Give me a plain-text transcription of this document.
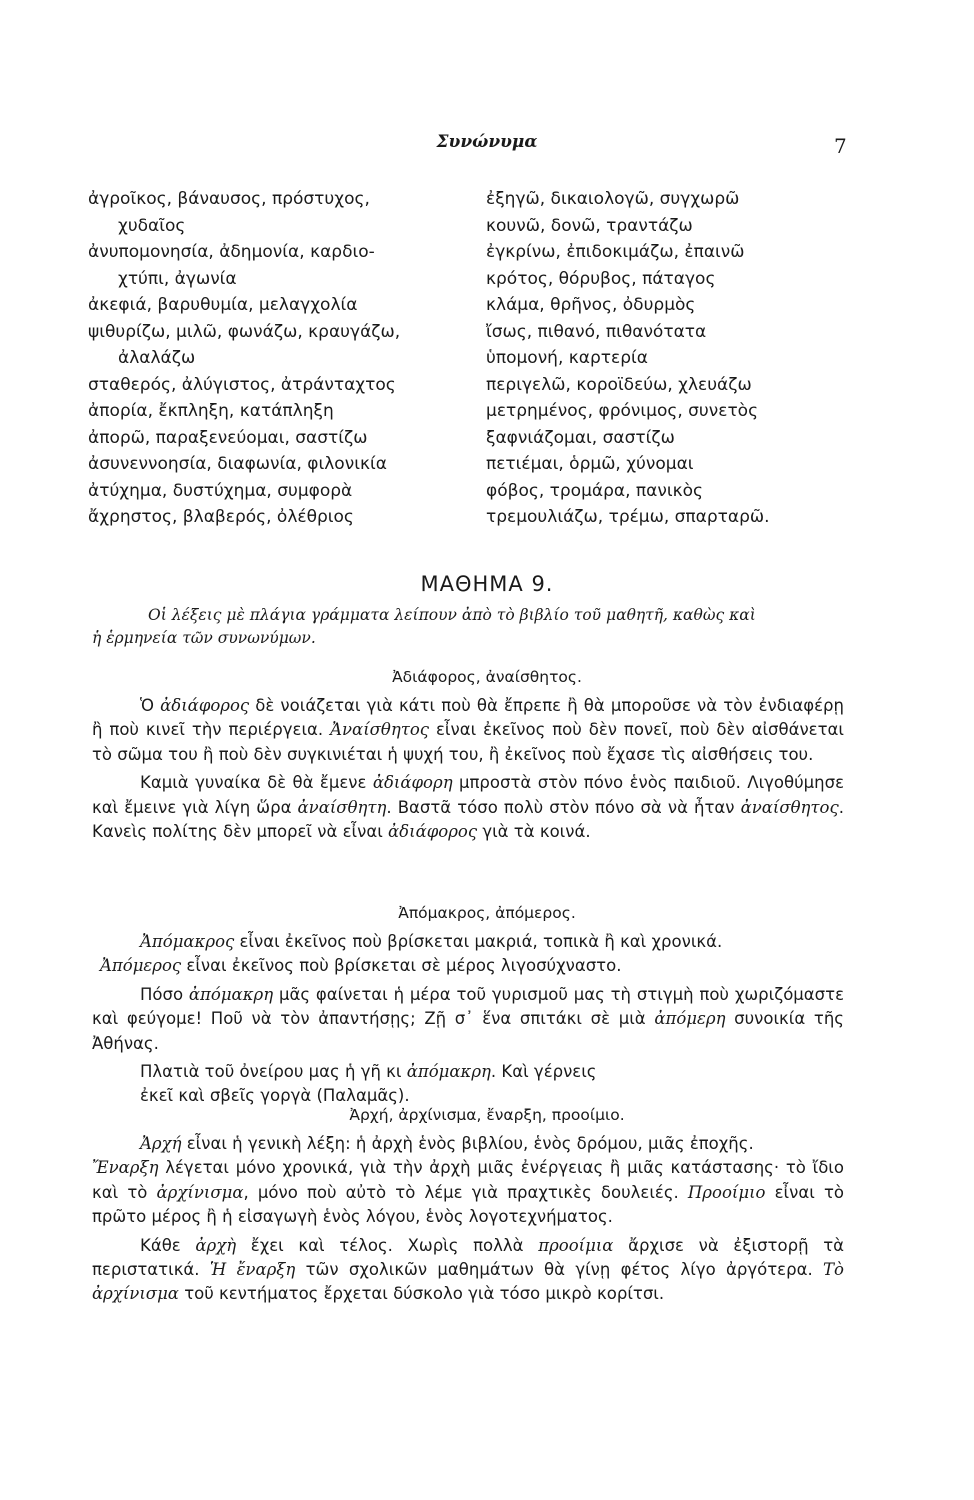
Συνώνυμα	7
ἀγροῖκος, βάναυσος, πρόστυχος,
χυδαῖος
ἀνυπομονησία, ἀδημονία, καρδιο-
χτύπι, ἀγωνία
ἀκεφιά, βαρυθυμία, μελαγχολία
ψιθυρίζω, μιλῶ, φωνάζω, κραυγάζω,
ἀλαλάζω
σταθερός, ἀλύγιστος, ἀτράνταχτος
ἀπορία, ἔκπληξη, κατάπληξη
ἀπορῶ, παραξενεύομαι, σαστίζω
ἀσυνεννοησία, διαφωνία, φιλονικία
ἀτύχημα, δυστύχημα, συμφορὰ
ἄχρηστος, βλαβερός, ὀλέθριος
ἐξηγῶ, δικαιολογῶ, συγχωρῶ
κουνῶ, δονῶ, τραντάζω
ἐγκρίνω, ἐπιδοκιμάζω, ἐπαινῶ
κρότος, θόρυβος, πάταγος
κλάμα, θρῆνος, ὀδυρμὸς
ἴσως, πιθανό, πιθανότατα
ὑπομονή, καρτερία
περιγελῶ, κοροϊδεύω, χλευάζω
μετρημένος, φρόνιμος, συνετὸς
ξαφνιάζομαι, σαστίζω
πετιέμαι, ὁρμῶ, χύνομαι
φόβος, τρομάρα, πανικὸς
τρεμουλιάζω, τρέμω, σπαρταρῶ.
ΜΑΘΗΜΑ 9.
Οἱ λέξεις μὲ πλάγια γράμματα λείπουν ἀπὸ τὸ βιβλίο τοῦ μαθητῆ, καθὼς καὶ
ἡ ἑρμηνεία τῶν συνωνύμων.
Ἀδιάφορος, ἀναίσθητος.

Ὁ ἀδιάφορος δὲ νοιάζεται γιὰ κάτι ποὺ θὰ ἔπρεπε ἢ θὰ μποροῦσε νὰ τὸν ἐνδιαφέρῃ ἢ ποὺ κινεῖ τὴν περιέργεια. Ἀναίσθητος εἶναι ἐκεῖνος ποὺ δὲν πονεῖ, ποὺ δὲν αἰσθάνεται τὸ σῶμα του ἢ ποὺ δὲν συγκινιέται ἡ ψυχή του, ἢ ἐκεῖνος ποὺ ἔχασε τὶς αἰσθήσεις του.

Καμιὰ γυναίκα δὲ θὰ ἔμενε ἀδιάφορη μπροστὰ στὸν πόνο ἑνὸς παιδιοῦ. Λιγοθύμησε καὶ ἔμεινε γιὰ λίγη ὥρα ἀναίσθητη. Βαστᾶ τόσο πολὺ στὸν πόνο σὰ νὰ ἦταν ἀναίσθητος. Κανεὶς πολίτης δὲν μπορεῖ νὰ εἶναι ἀδιάφορος γιὰ τὰ κοινά.

Ἀπόμακρος, ἀπόμερος.

Ἀπόμακρος εἶναι ἐκεῖνος ποὺ βρίσκεται μακριά, τοπικὰ ἢ καὶ χρονικά.

Ἀπόμερος εἶναι ἐκεῖνος ποὺ βρίσκεται σὲ μέρος λιγοσύχναστο.

Πόσο ἀπόμακρη μᾶς φαίνεται ἡ μέρα τοῦ γυρισμοῦ μας τὴ στιγμὴ ποὺ χωριζόμαστε καὶ φεύγομε! Ποῦ νὰ τὸν ἀπαντήσῃς; Ζῇ σ᾽ ἕνα σπιτάκι σὲ μιὰ ἀπόμερη συνοικία τῆς Ἀθήνας.

Πλατιὰ τοῦ ὀνείρου μας ἡ γῆ κι ἀπόμακρη. Καὶ γέρνεις
ἐκεῖ καὶ σβεῖς γοργὰ (Παλαμᾶς).
Ἀρχή, ἀρχίνισμα, ἔναρξη, προοίμιο.

Ἀρχή εἶναι ἡ γενικὴ λέξη: ἡ ἀρχὴ ἑνὸς βιβλίου, ἑνὸς δρόμου, μιᾶς ἐποχῆς.

Ἔναρξη λέγεται μόνο χρονικά, γιὰ τὴν ἀρχὴ μιᾶς ἐνέργειας ἢ μιᾶς κατάστασης· τὸ ἴδιο καὶ τὸ ἀρχίνισμα, μόνο ποὺ αὐτὸ τὸ λέμε γιὰ πραχτικὲς δουλειές. Προοίμιο εἶναι τὸ πρῶτο μέρος ἢ ἡ εἰσαγωγὴ ἑνὸς λόγου, ἑνὸς λογοτεχνήματος.

Κάθε ἀρχὴ ἔχει καὶ τέλος. Χωρὶς πολλὰ προοίμια ἄρχισε νὰ ἐξιστορῇ τὰ περιστατικά. Ἡ ἔναρξη τῶν σχολικῶν μαθημάτων θὰ γίνῃ φέτος λίγο ἀργότερα. Τὸ ἀρχίνισμα τοῦ κεντήματος ἔρχεται δύσκολο γιὰ τόσο μικρὸ κορίτσι.
